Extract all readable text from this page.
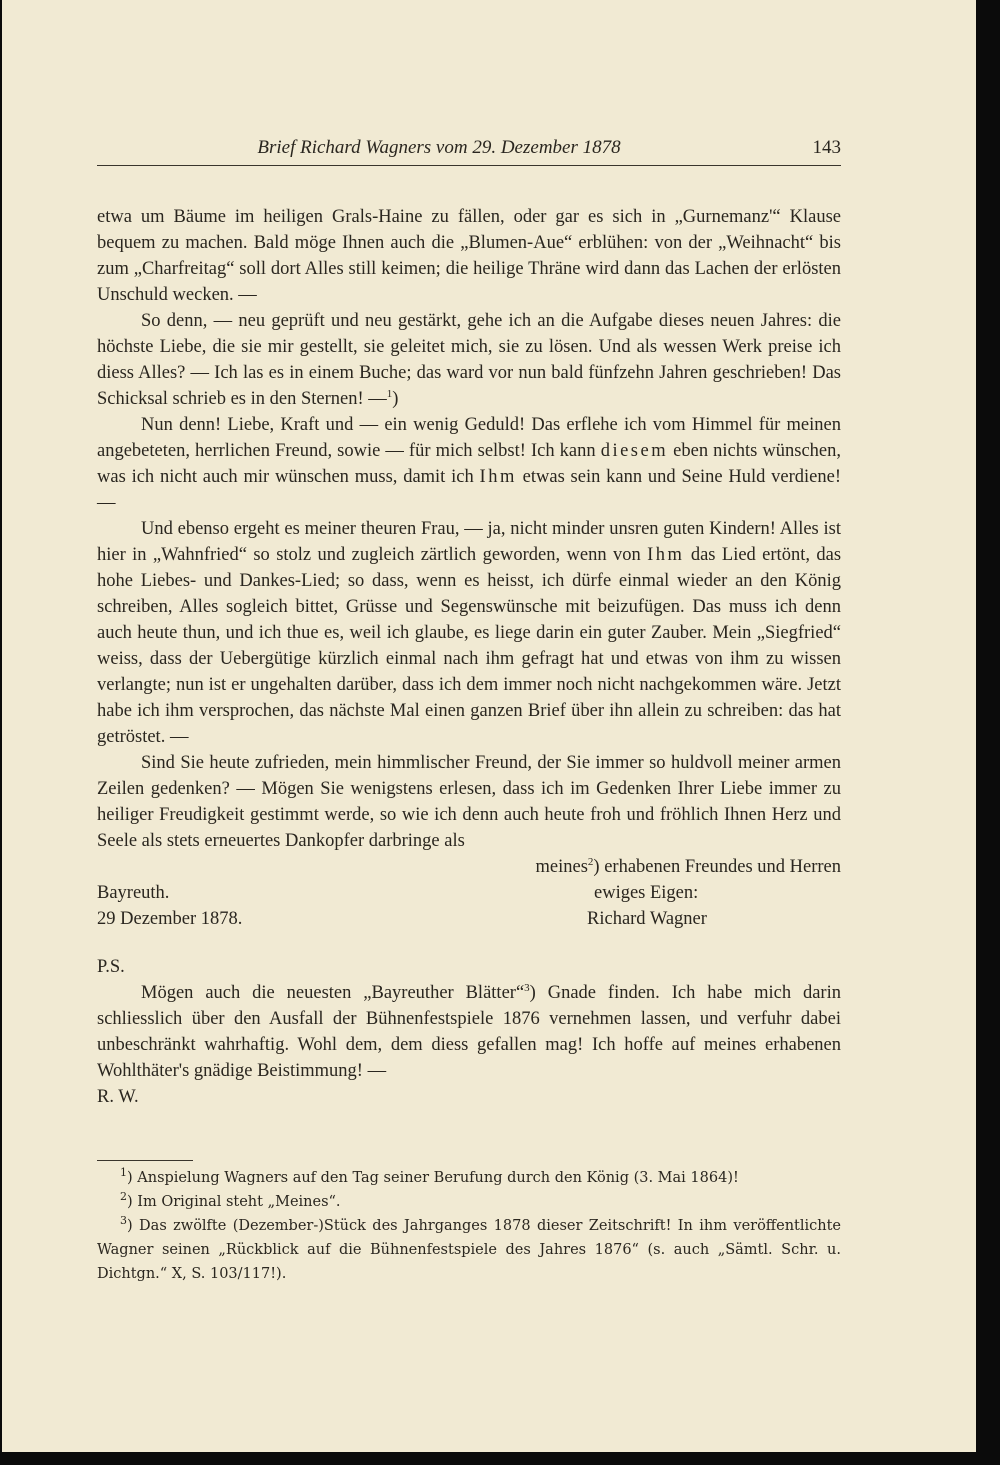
Brief Richard Wagners vom 29. Dezember 1878	143

etwa um Bäume im heiligen Grals-Haine zu fällen, oder gar es sich in „Gurnemanz'“ Klause bequem zu machen. Bald möge Ihnen auch die „Blumen-Aue“ erblühen: von der „Weihnacht“ bis zum „Charfreitag“ soll dort Alles still keimen; die heilige Thräne wird dann das Lachen der erlösten Unschuld wecken. —

So denn, — neu geprüft und neu gestärkt, gehe ich an die Aufgabe dieses neuen Jahres: die höchste Liebe, die sie mir gestellt, sie geleitet mich, sie zu lösen. Und als wessen Werk preise ich diess Alles? — Ich las es in einem Buche; das ward vor nun bald fünfzehn Jahren geschrieben! Das Schicksal schrieb es in den Sternen! —$^1$)

Nun denn! Liebe, Kraft und — ein wenig Geduld! Das erflehe ich vom Himmel für meinen angebeteten, herrlichen Freund, sowie — für mich selbst! Ich kann diesem eben nichts wünschen, was ich nicht auch mir wünschen muss, damit ich Ihm etwas sein kann und Seine Huld verdiene! —

Und ebenso ergeht es meiner theuren Frau, — ja, nicht minder unsren guten Kindern! Alles ist hier in „Wahnfried“ so stolz und zugleich zärtlich geworden, wenn von Ihm das Lied ertönt, das hohe Liebes- und Dankes-Lied; so dass, wenn es heisst, ich dürfe einmal wieder an den König schreiben, Alles sogleich bittet, Grüsse und Segenswünsche mit beizufügen. Das muss ich denn auch heute thun, und ich thue es, weil ich glaube, es liege darin ein guter Zauber. Mein „Siegfried“ weiss, dass der Uebergütige kürzlich einmal nach ihm gefragt hat und etwas von ihm zu wissen verlangte; nun ist er ungehalten darüber, dass ich dem immer noch nicht nachgekommen wäre. Jetzt habe ich ihm versprochen, das nächste Mal einen ganzen Brief über ihn allein zu schreiben: das hat getröstet. —

Sind Sie heute zufrieden, mein himmlischer Freund, der Sie immer so huldvoll meiner armen Zeilen gedenken? — Mögen Sie wenigstens erlesen, dass ich im Gedenken Ihrer Liebe immer zu heiliger Freudigkeit gestimmt werde, so wie ich denn auch heute froh und fröhlich Ihnen Herz und Seele als stets erneuertes Dankopfer darbringe als

meines$^2$) erhabenen Freundes und Herren
Bayreuth.	ewiges Eigen:
29 Dezember 1878.	Richard Wagner

P.S.

Mögen auch die neuesten „Bayreuther Blätter“$^3$) Gnade finden. Ich habe mich darin schliesslich über den Ausfall der Bühnenfestspiele 1876 vernehmen lassen, und verfuhr dabei unbeschränkt wahrhaftig. Wohl dem, dem diess gefallen mag! Ich hoffe auf meines erhabenen Wohlthäter's gnädige Beistimmung! —

R. W.

$^1$) Anspielung Wagners auf den Tag seiner Berufung durch den König (3. Mai 1864)!

$^2$) Im Original steht „Meines“.

$^3$) Das zwölfte (Dezember-)Stück des Jahrganges 1878 dieser Zeitschrift! In ihm veröffentlichte Wagner seinen „Rückblick auf die Bühnenfestspiele des Jahres 1876“ (s. auch „Sämtl. Schr. u. Dichtgn.“ X, S. 103/117!).
